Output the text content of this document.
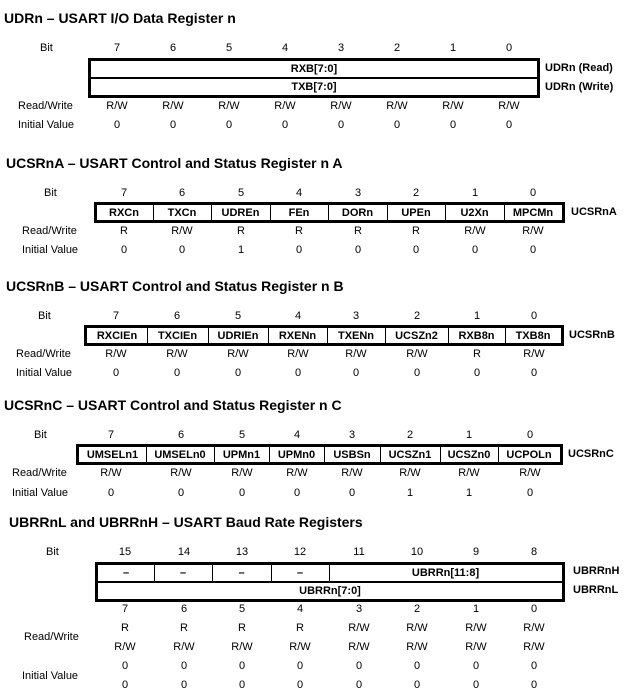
UDRn – USART I/O Data Register n
Bit	7	6	5	4	3	2	1	0
RXB[7:0]
TXB[7:0]
UDRn (Read)
UDRn (Write)
Read/Write	R/W	R/W	R/W	R/W	R/W	R/W	R/W	R/W
Initial Value	0	0	0	0	0	0	0	0
UCSRnA – USART Control and Status Register n A
Bit	7	6	5	4	3	2	1	0
RXCn	TXCn	UDREn	FEn	DORn	UPEn	U2Xn	MPCMn	UCSRnA
Read/Write	R	R/W	R	R	R	R	R/W	R/W
Initial Value	0	0	1	0	0	0	0	0
UCSRnB – USART Control and Status Register n B
Bit	7	6	5	4	3	2	1	0
RXCIEn	TXCIEn	UDRIEn	RXENn	TXENn	UCSZn2	RXB8n	TXB8n	UCSRnB
Read/Write	R/W	R/W	R/W	R/W	R/W	R/W	R	R/W
Initial Value	0	0	0	0	0	0	0	0
UCSRnC – USART Control and Status Register n C
Bit	7	6	5	4	3	2	1	0
UMSELn1	UMSELn0	UPMn1	UPMn0	USBSn	UCSZn1	UCSZn0	UCPOLn	UCSRnC
Read/Write	R/W	R/W	R/W	R/W	R/W	R/W	R/W	R/W
Initial Value	0	0	0	0	0	1	1	0
UBRRnL and UBRRnH – USART Baud Rate Registers
Bit	15	14	13	12	11	10	9	8
–	–	–	–	UBRRn[11:8]
UBRRn[7:0]
UBRRnH
UBRRnL
7	6	5	4	3	2	1	0
Read/Write
R	R	R	R	R/W	R/W	R/W	R/W
R/W	R/W	R/W	R/W	R/W	R/W	R/W	R/W
Initial Value
0	0	0	0	0	0	0	0
0	0	0	0	0	0	0	0
